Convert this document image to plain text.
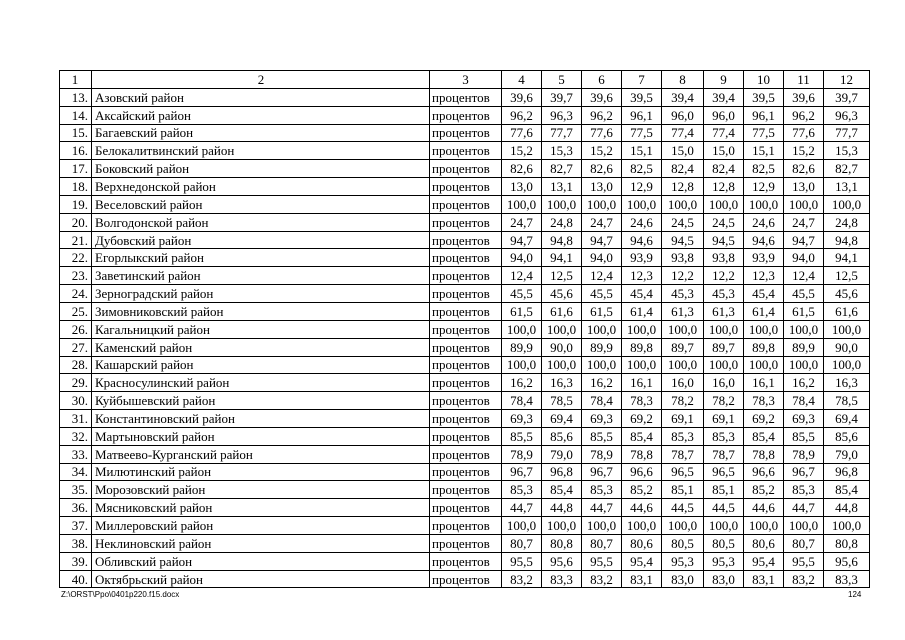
1	2	3	4	5	6	7	8	9	10	11	12
13.	Азовский район	процентов	39,6	39,7	39,6	39,5	39,4	39,4	39,5	39,6	39,7
14.	Аксайский район	процентов	96,2	96,3	96,2	96,1	96,0	96,0	96,1	96,2	96,3
15.	Багаевский район	процентов	77,6	77,7	77,6	77,5	77,4	77,4	77,5	77,6	77,7
16.	Белокалитвинский район	процентов	15,2	15,3	15,2	15,1	15,0	15,0	15,1	15,2	15,3
17.	Боковский район	процентов	82,6	82,7	82,6	82,5	82,4	82,4	82,5	82,6	82,7
18.	Верхнедонской район	процентов	13,0	13,1	13,0	12,9	12,8	12,8	12,9	13,0	13,1
19.	Веселовский район	процентов	100,0	100,0	100,0	100,0	100,0	100,0	100,0	100,0	100,0
20.	Волгодонской район	процентов	24,7	24,8	24,7	24,6	24,5	24,5	24,6	24,7	24,8
21.	Дубовский район	процентов	94,7	94,8	94,7	94,6	94,5	94,5	94,6	94,7	94,8
22.	Егорлыкский район	процентов	94,0	94,1	94,0	93,9	93,8	93,8	93,9	94,0	94,1
23.	Заветинский район	процентов	12,4	12,5	12,4	12,3	12,2	12,2	12,3	12,4	12,5
24.	Зерноградский район	процентов	45,5	45,6	45,5	45,4	45,3	45,3	45,4	45,5	45,6
25.	Зимовниковский район	процентов	61,5	61,6	61,5	61,4	61,3	61,3	61,4	61,5	61,6
26.	Кагальницкий район	процентов	100,0	100,0	100,0	100,0	100,0	100,0	100,0	100,0	100,0
27.	Каменский район	процентов	89,9	90,0	89,9	89,8	89,7	89,7	89,8	89,9	90,0
28.	Кашарский район	процентов	100,0	100,0	100,0	100,0	100,0	100,0	100,0	100,0	100,0
29.	Красносулинский район	процентов	16,2	16,3	16,2	16,1	16,0	16,0	16,1	16,2	16,3
30.	Куйбышевский район	процентов	78,4	78,5	78,4	78,3	78,2	78,2	78,3	78,4	78,5
31.	Константиновский район	процентов	69,3	69,4	69,3	69,2	69,1	69,1	69,2	69,3	69,4
32.	Мартыновский район	процентов	85,5	85,6	85,5	85,4	85,3	85,3	85,4	85,5	85,6
33.	Матвеево-Курганский район	процентов	78,9	79,0	78,9	78,8	78,7	78,7	78,8	78,9	79,0
34.	Милютинский район	процентов	96,7	96,8	96,7	96,6	96,5	96,5	96,6	96,7	96,8
35.	Морозовский район	процентов	85,3	85,4	85,3	85,2	85,1	85,1	85,2	85,3	85,4
36.	Мясниковский район	процентов	44,7	44,8	44,7	44,6	44,5	44,5	44,6	44,7	44,8
37.	Миллеровский район	процентов	100,0	100,0	100,0	100,0	100,0	100,0	100,0	100,0	100,0
38.	Неклиновский район	процентов	80,7	80,8	80,7	80,6	80,5	80,5	80,6	80,7	80,8
39.	Обливский район	процентов	95,5	95,6	95,5	95,4	95,3	95,3	95,4	95,5	95,6
40.	Октябрьский район	процентов	83,2	83,3	83,2	83,1	83,0	83,0	83,1	83,2	83,3
Z:\ORST\Ppo\0401p220.f15.docx	124
